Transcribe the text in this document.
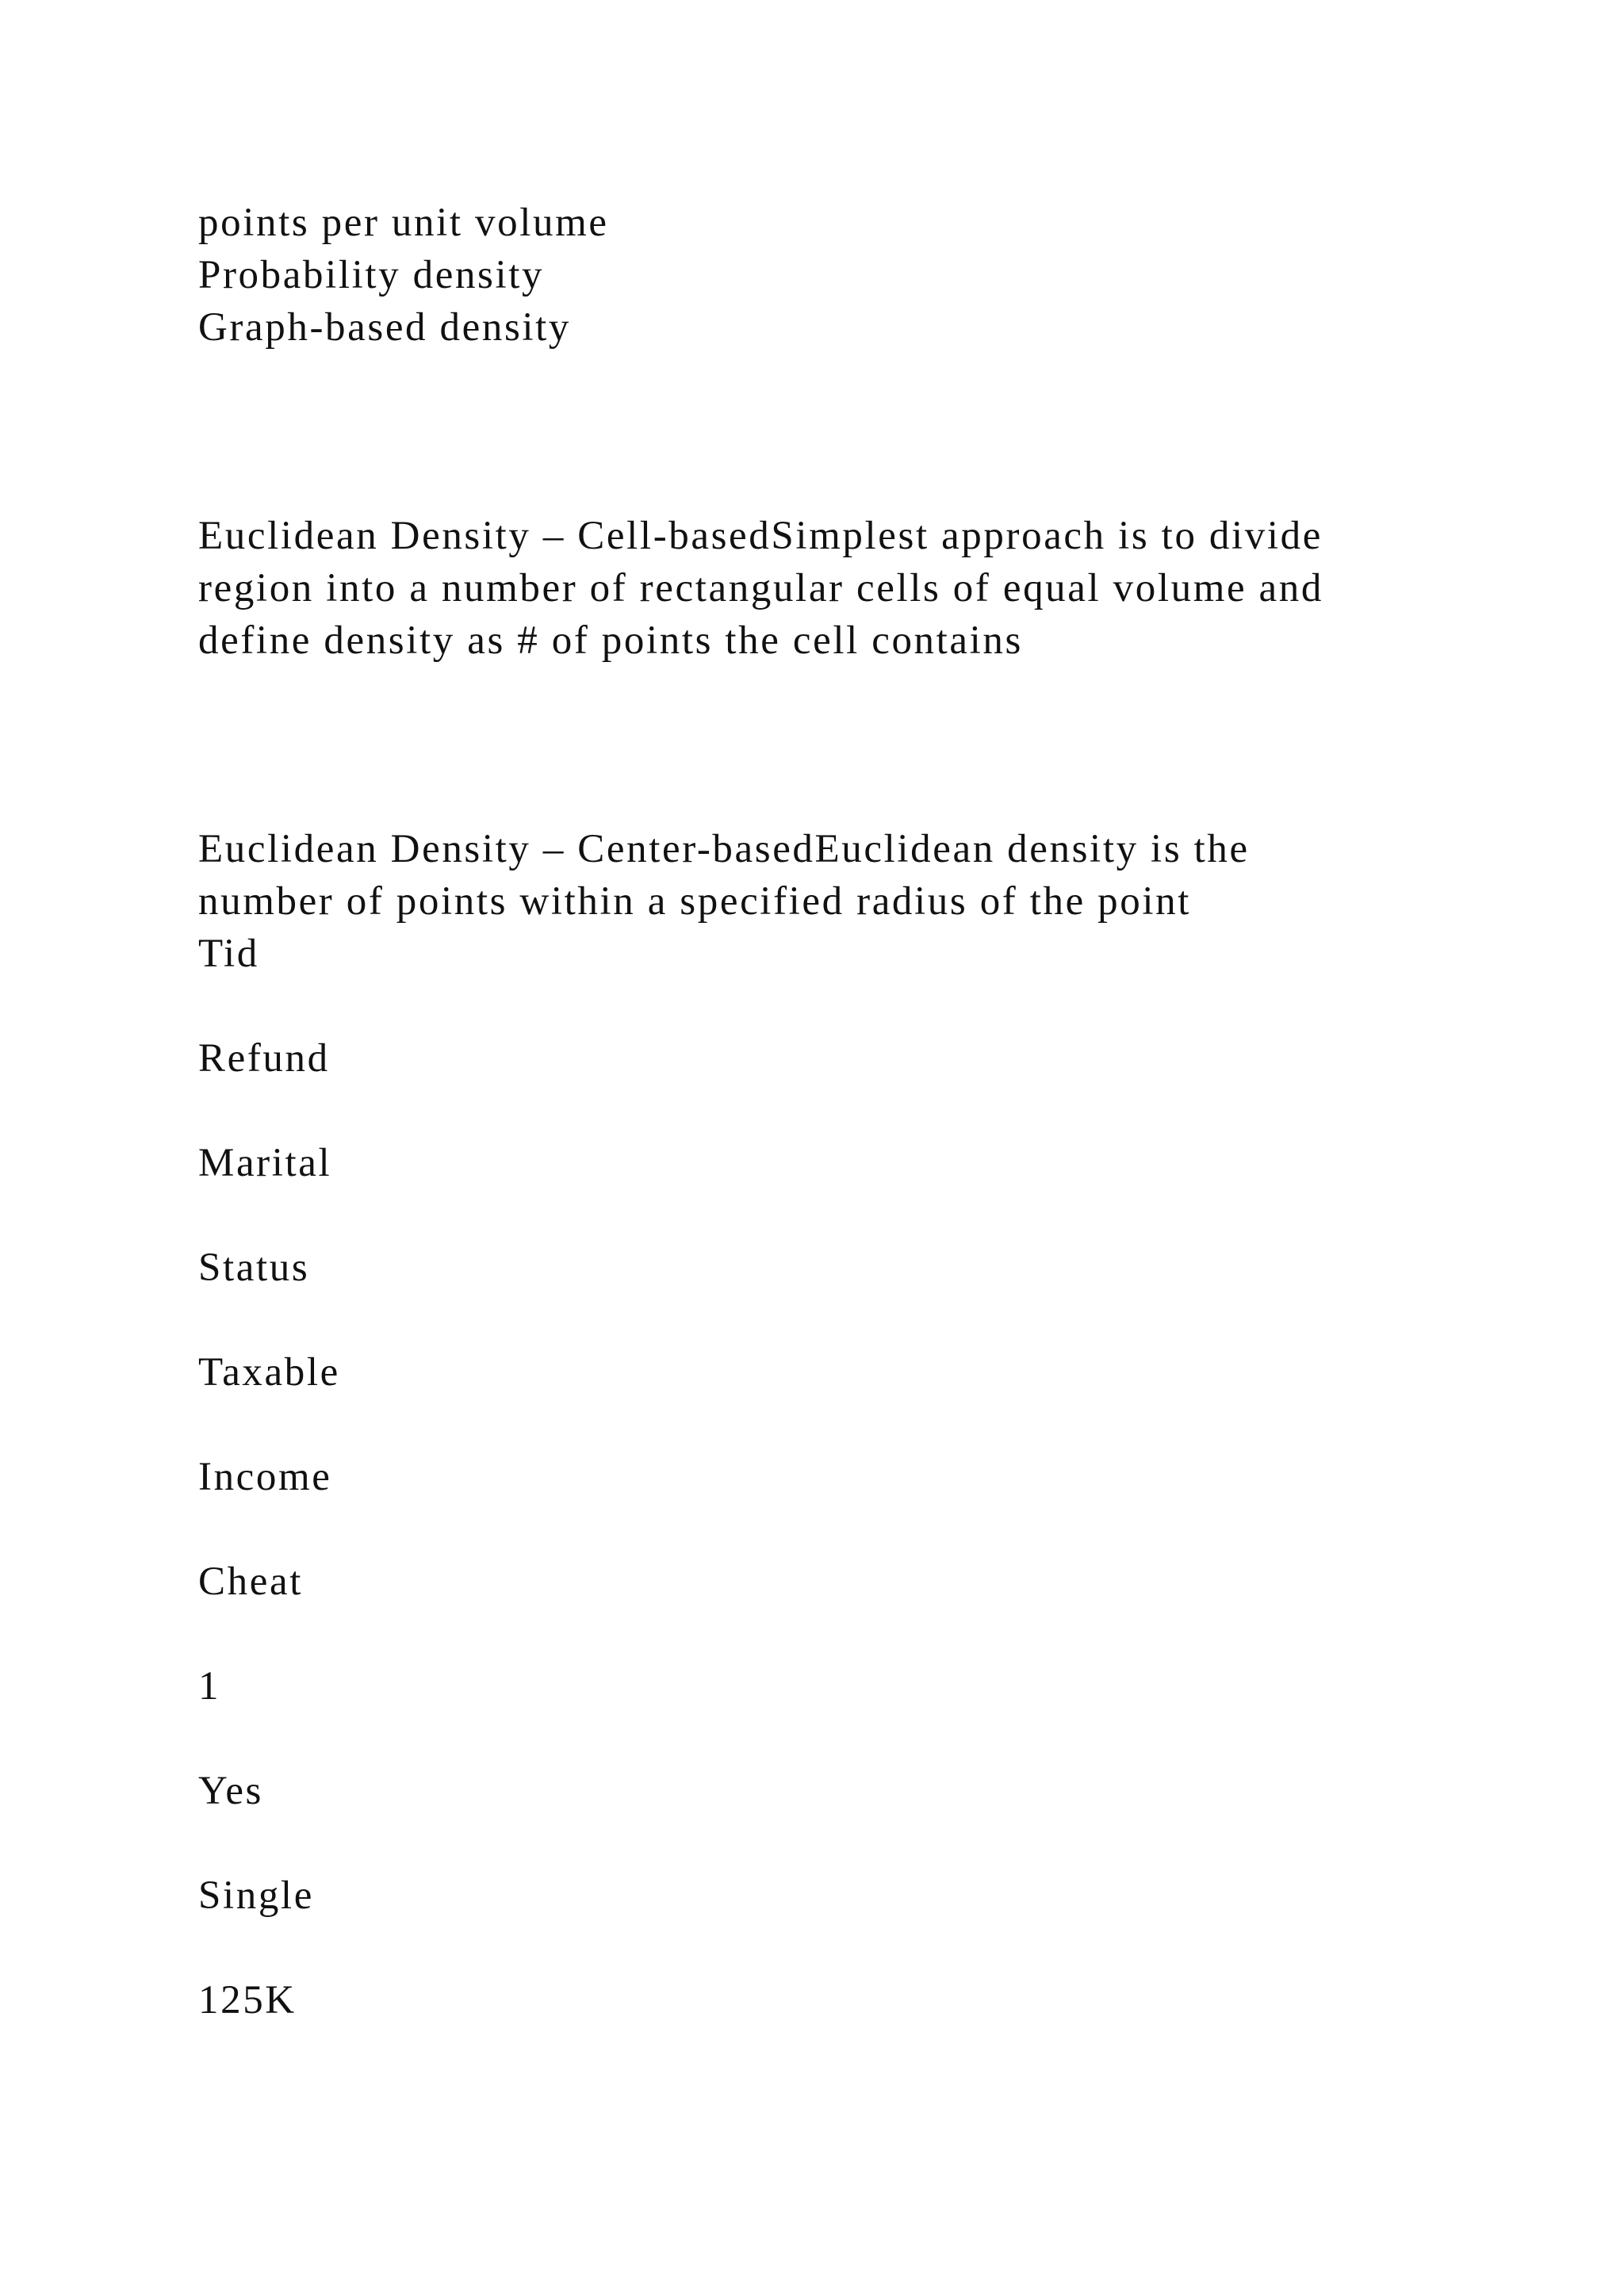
points per unit volume

Probability density

Graph-based density

Euclidean Density – Cell-basedSimplest approach is to divide

region into a number of rectangular cells of equal volume and

define density as # of points the cell contains

Euclidean Density – Center-basedEuclidean density is the

number of points within a specified radius of the point

Tid

Refund

Marital

Status

Taxable

Income

Cheat

1

Yes

Single

125K
